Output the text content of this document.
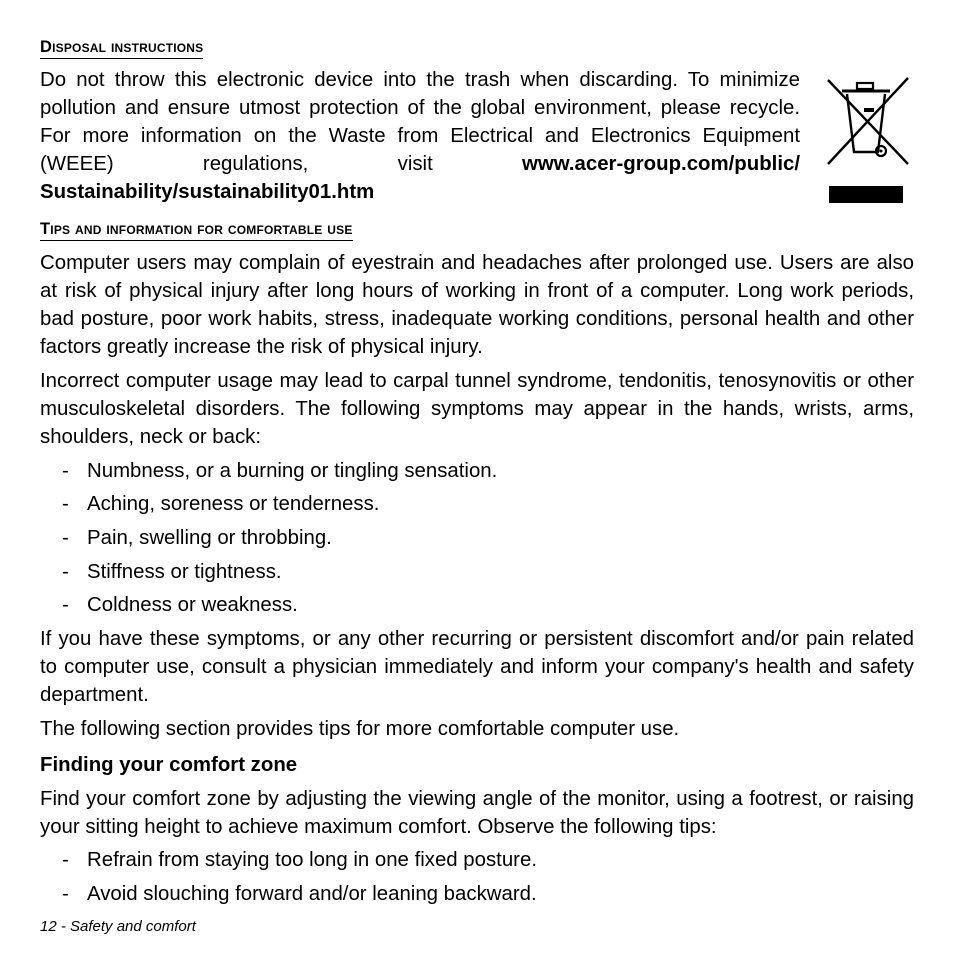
Disposal instructions
Do not throw this electronic device into the trash when discarding. To minimize pollution and ensure utmost protection of the global environment, please recycle. For more information on the Waste from Electrical and Electronics Equipment (WEEE) regulations, visit	www.acer-group.com/public/ Sustainability/sustainability01.htm
Tips and information for comfortable use
Computer users may complain of eyestrain and headaches after prolonged use. Users are also at risk of physical injury after long hours of working in front of a computer. Long work periods, bad posture, poor work habits, stress, inadequate working conditions, personal health and other factors greatly increase the risk of physical injury.
Incorrect computer usage may lead to carpal tunnel syndrome, tendonitis, tenosynovitis or other musculoskeletal disorders. The following symptoms may appear in the hands, wrists, arms, shoulders, neck or back:
- Numbness, or a burning or tingling sensation.
- Aching, soreness or tenderness.
- Pain, swelling or throbbing.
- Stiffness or tightness.
- Coldness or weakness.
If you have these symptoms, or any other recurring or persistent discomfort and/or pain related to computer use, consult a physician immediately and inform your company's health and safety department.
The following section provides tips for more comfortable computer use.
Finding your comfort zone
Find your comfort zone by adjusting the viewing angle of the monitor, using a footrest, or raising your sitting height to achieve maximum comfort. Observe the following tips:
- Refrain from staying too long in one fixed posture.
- Avoid slouching forward and/or leaning backward.
12 - Safety and comfort
